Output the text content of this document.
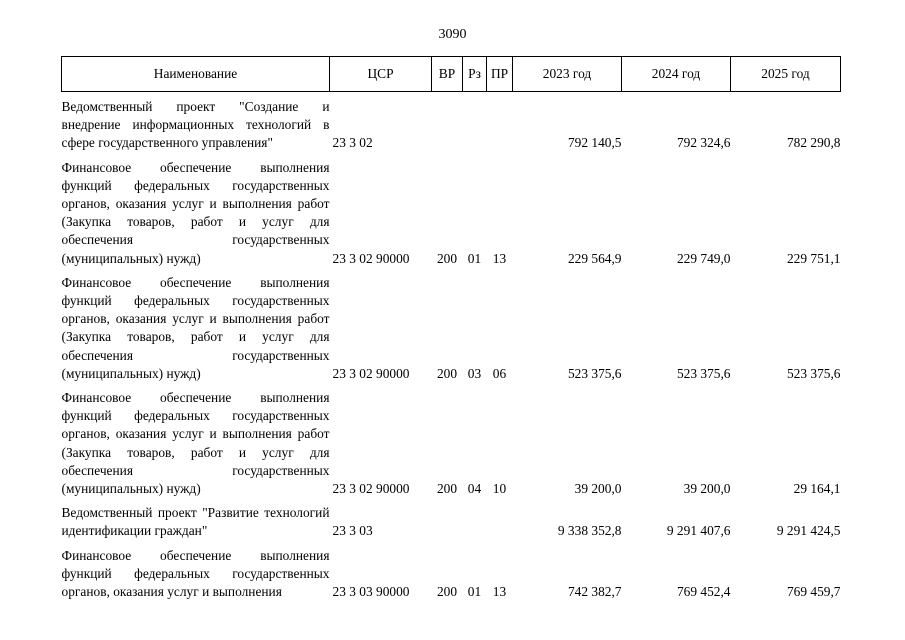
3090
Наименование	ЦСР	ВР	Рз	ПР	2023 год	2024 год	2025 год
Ведомственный проект "Создание и внедрение информационных технологий в сфере государственного управления"	23 3 02				792 140,5	792 324,6	782 290,8
Финансовое обеспечение выполнения функций федеральных государственных органов, оказания услуг и выполнения работ (Закупка товаров, работ и услуг для обеспечения государственных (муниципальных) нужд)	23 3 02 90000	200	01	13	229 564,9	229 749,0	229 751,1
Финансовое обеспечение выполнения функций федеральных государственных органов, оказания услуг и выполнения работ (Закупка товаров, работ и услуг для обеспечения государственных (муниципальных) нужд)	23 3 02 90000	200	03	06	523 375,6	523 375,6	523 375,6
Финансовое обеспечение выполнения функций федеральных государственных органов, оказания услуг и выполнения работ (Закупка товаров, работ и услуг для обеспечения государственных (муниципальных) нужд)	23 3 02 90000	200	04	10	39 200,0	39 200,0	29 164,1
Ведомственный проект "Развитие технологий идентификации граждан"	23 3 03				9 338 352,8	9 291 407,6	9 291 424,5
Финансовое обеспечение выполнения функций федеральных государственных органов, оказания услуг и выполнения	23 3 03 90000	200	01	13	742 382,7	769 452,4	769 459,7
